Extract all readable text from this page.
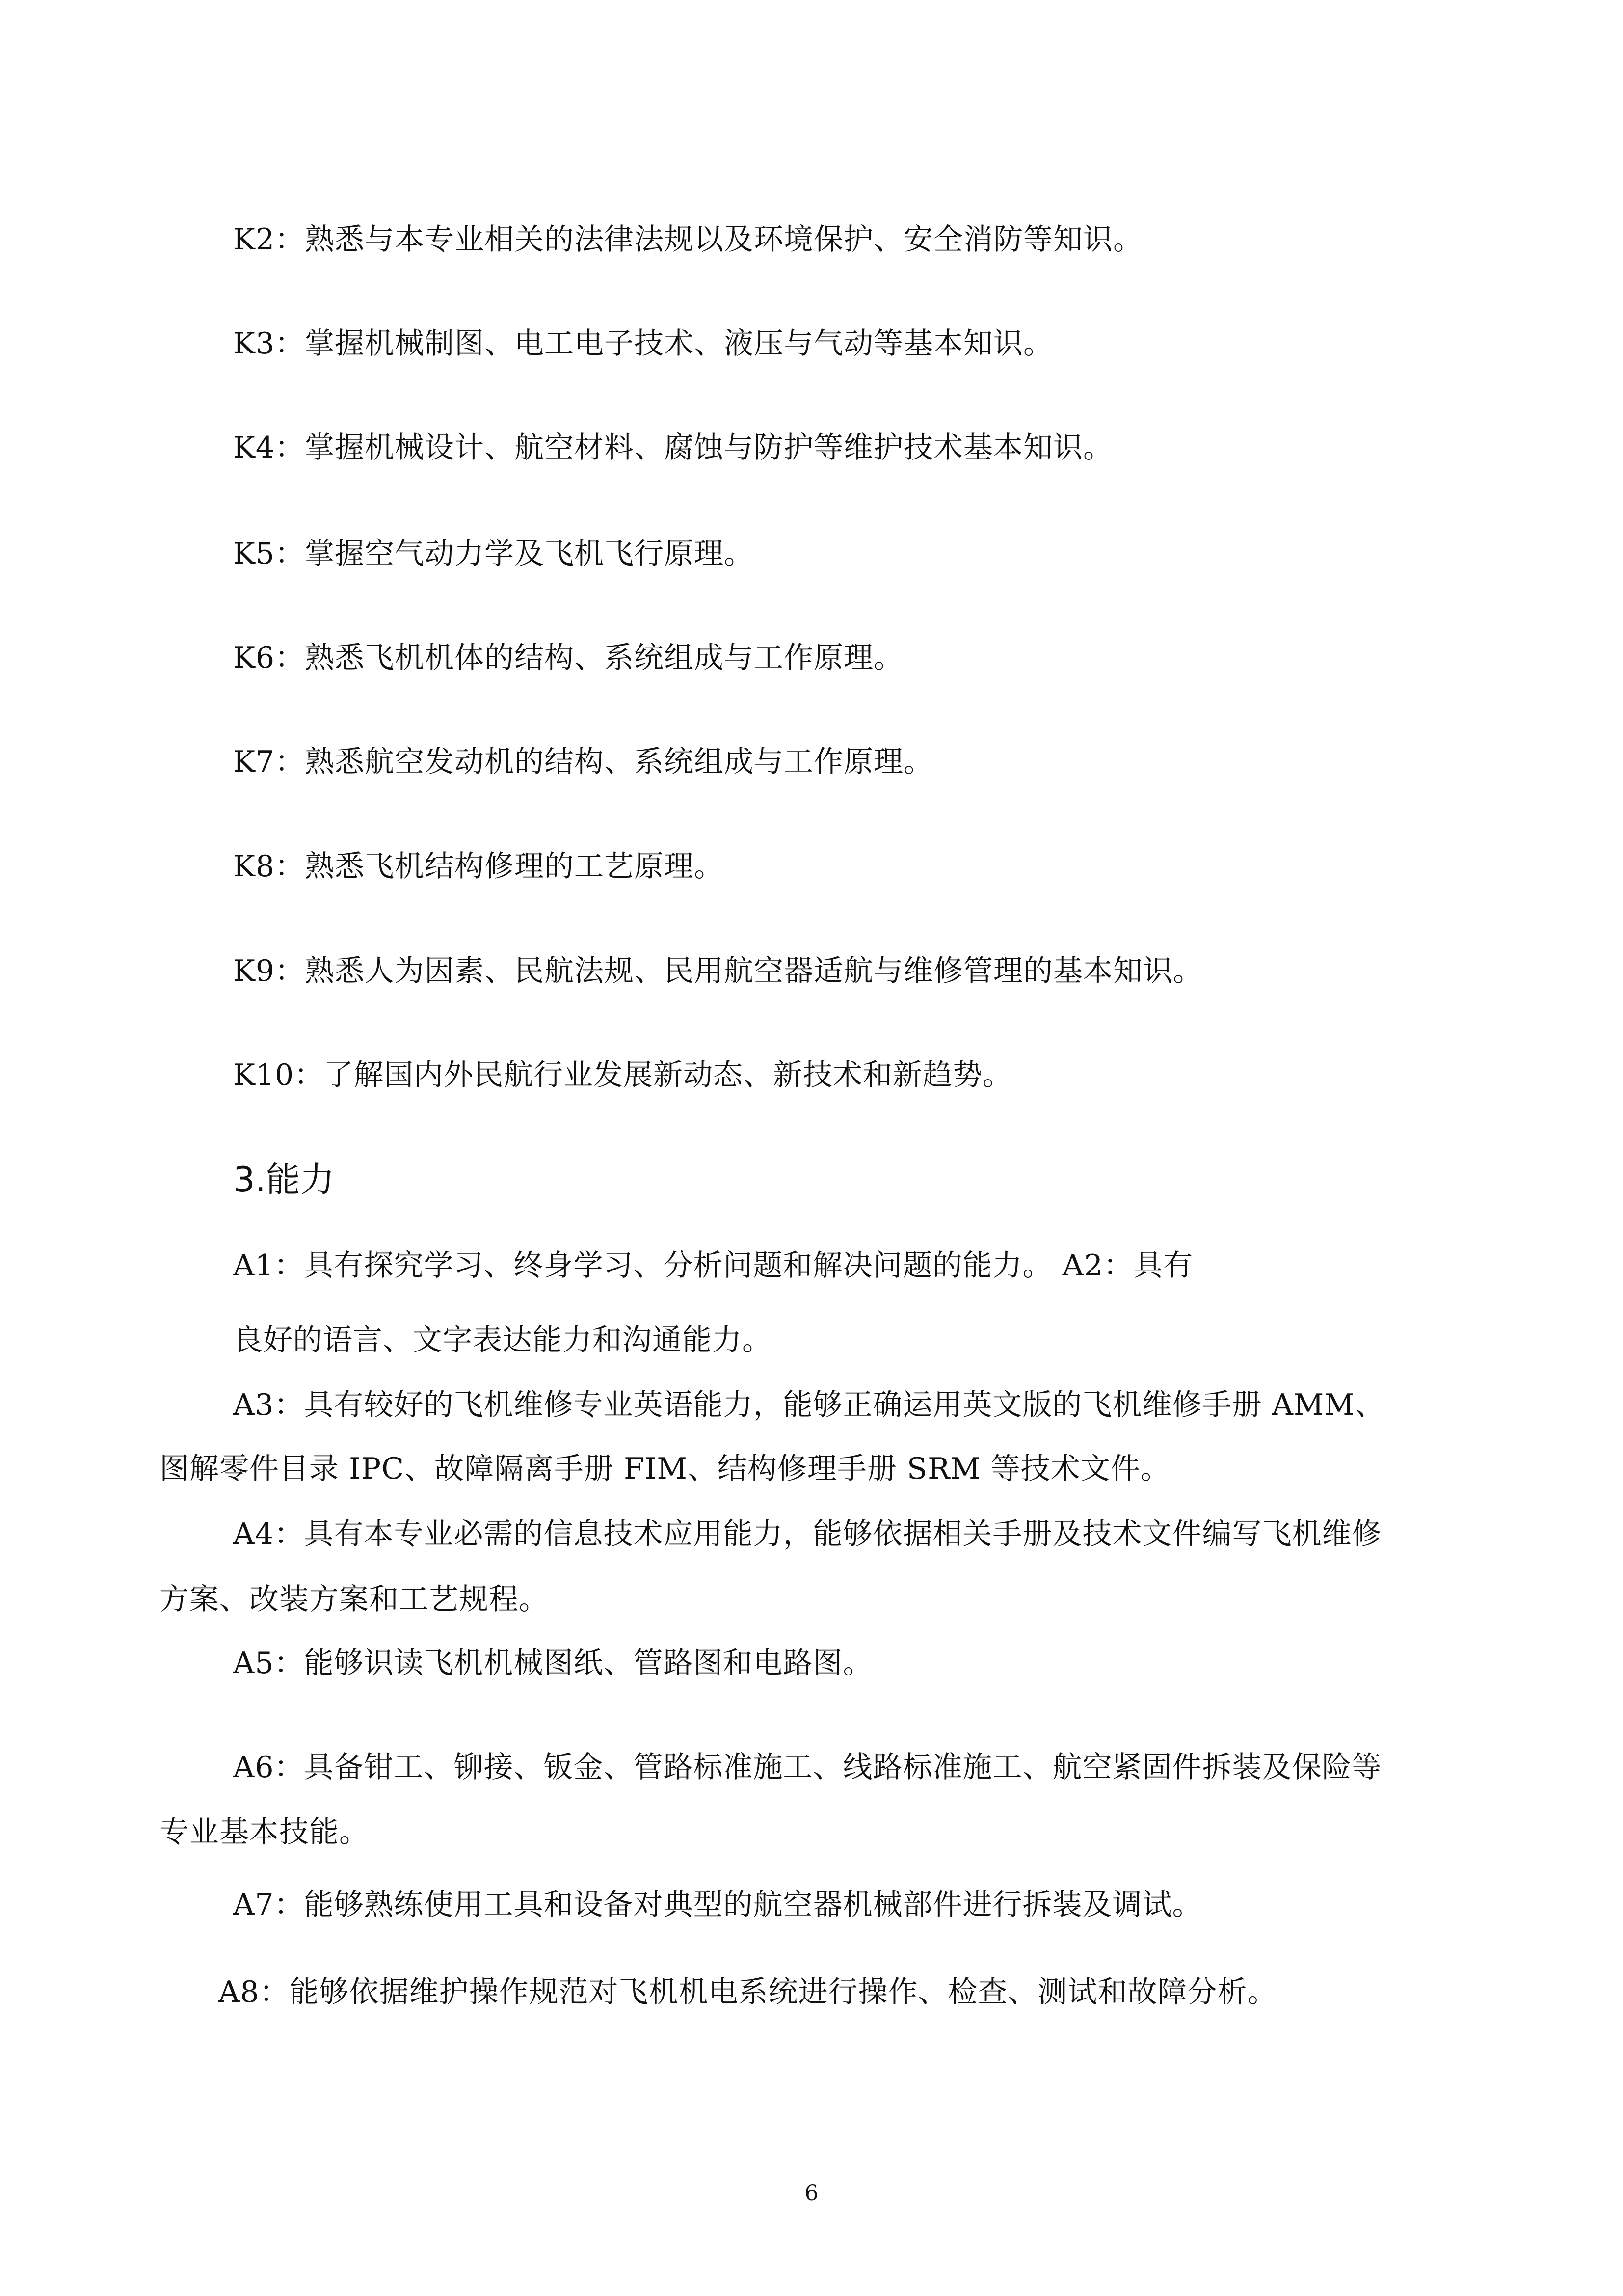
K2：熟悉与本专业相关的法律法规以及环境保护、安全消防等知识。
K3：掌握机械制图、电工电子技术、液压与气动等基本知识。
K4：掌握机械设计、航空材料、腐蚀与防护等维护技术基本知识。
K5：掌握空气动力学及飞机飞行原理。
K6：熟悉飞机机体的结构、系统组成与工作原理。
K7：熟悉航空发动机的结构、系统组成与工作原理。
K8：熟悉飞机结构修理的工艺原理。
K9：熟悉人为因素、民航法规、民用航空器适航与维修管理的基本知识。
K10：了解国内外民航行业发展新动态、新技术和新趋势。
3.能力
A1：具有探究学习、终身学习、分析问题和解决问题的能力。 A2：具有
良好的语言、文字表达能力和沟通能力。
A3：具有较好的飞机维修专业英语能力，能够正确运用英文版的飞机维修手册 AMM、
图解零件目录 IPC、故障隔离手册 FIM、结构修理手册 SRM 等技术文件。
A4：具有本专业必需的信息技术应用能力，能够依据相关手册及技术文件编写飞机维修
方案、改装方案和工艺规程。
A5：能够识读飞机机械图纸、管路图和电路图。
A6：具备钳工、铆接、钣金、管路标准施工、线路标准施工、航空紧固件拆装及保险等
专业基本技能。
A7：能够熟练使用工具和设备对典型的航空器机械部件进行拆装及调试。
A8：能够依据维护操作规范对飞机机电系统进行操作、检查、测试和故障分析。
6
